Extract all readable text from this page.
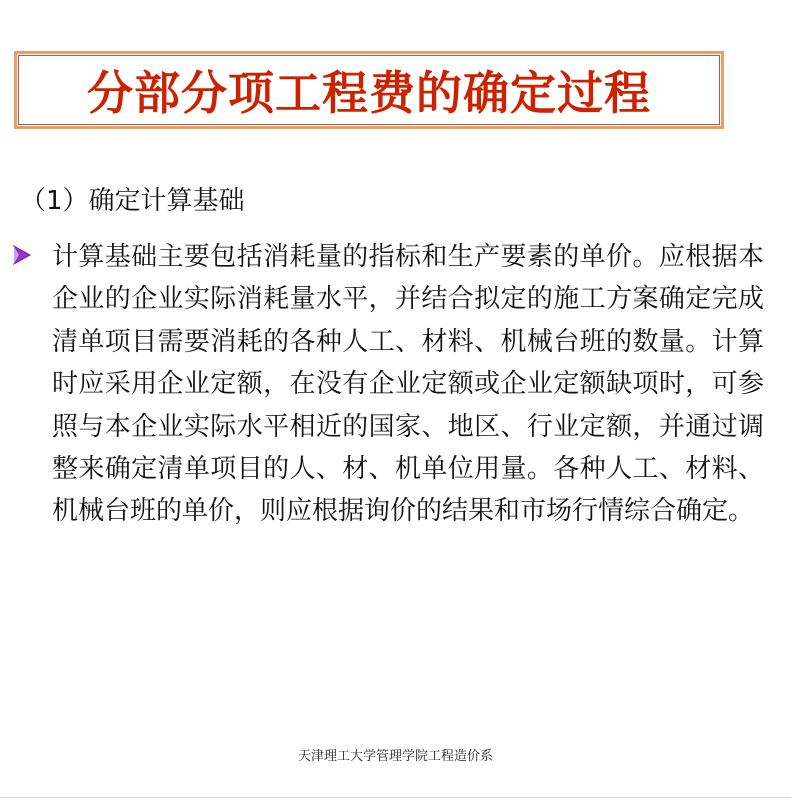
分部分项工程费的确定过程
（1）确定计算基础
计算基础主要包括消耗量的指标和生产要素的单价。应根据本企业的企业实际消耗量水平，并结合拟定的施工方案确定完成清单项目需要消耗的各种人工、材料、机械台班的数量。计算时应采用企业定额，在没有企业定额或企业定额缺项时，可参照与本企业实际水平相近的国家、地区、行业定额，并通过调整来确定清单项目的人、材、机单位用量。各种人工、材料、机械台班的单价，则应根据询价的结果和市场行情综合确定。
天津理工大学管理学院工程造价系
